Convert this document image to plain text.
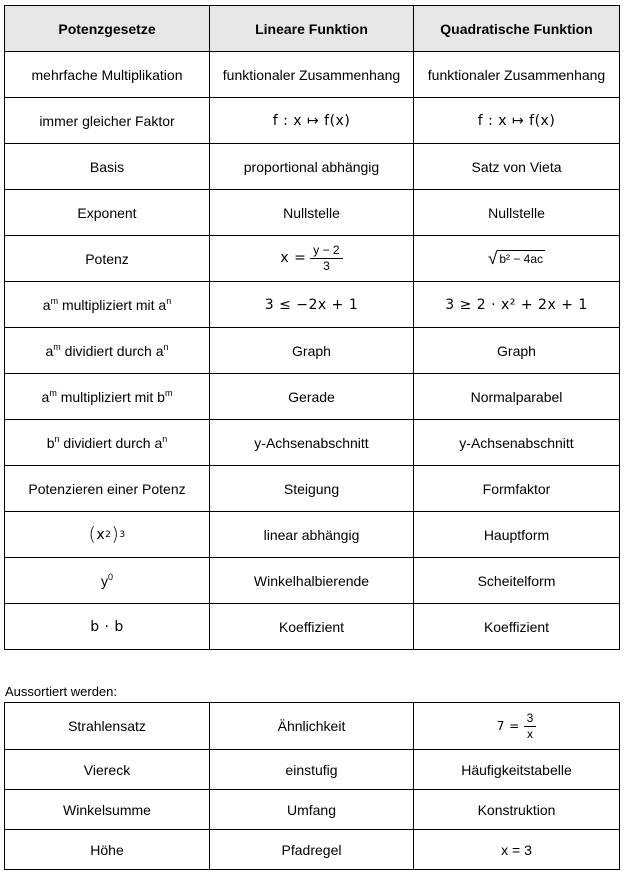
Potenzgesetze	Lineare Funktion	Quadratische Funktion
mehrfache Multiplikation	funktionaler Zusammenhang	funktionaler Zusammenhang
immer gleicher Faktor	f : x ↦ f(x)	f : x ↦ f(x)
Basis	proportional abhängig	Satz von Vieta
Exponent	Nullstelle	Nullstelle
Potenz	$x = \frac{y - 2}{3}$	√ b² − 4ac

$a^m$ multipliziert mit $a^n$	3 ≤ −2x + 1	3 ≥ 2 · x² + 2x + 1
$a^m$ dividiert durch $a^n$	Graph	Graph
$a^m$ multipliziert mit $b^m$	Gerade	Normalparabel
$b^n$ dividiert durch $a^n$	y-Achsenabschnitt	y-Achsenabschnitt
Potenzieren einer Potenz	Steigung	Formfaktor

( x 2 ) 3	linear abhängig	Hauptform
$y^0$	Winkelhalbierende	Scheitelform
b · b	Koeffizient	Koeffizient
Aussortiert werden:
Strahlensatz	Ähnlichkeit	$7 = \frac{3}{x}$

Viereck	einstufig	Häufigkeitstabelle
Winkelsumme	Umfang	Konstruktion
Höhe	Pfadregel	x = 3
